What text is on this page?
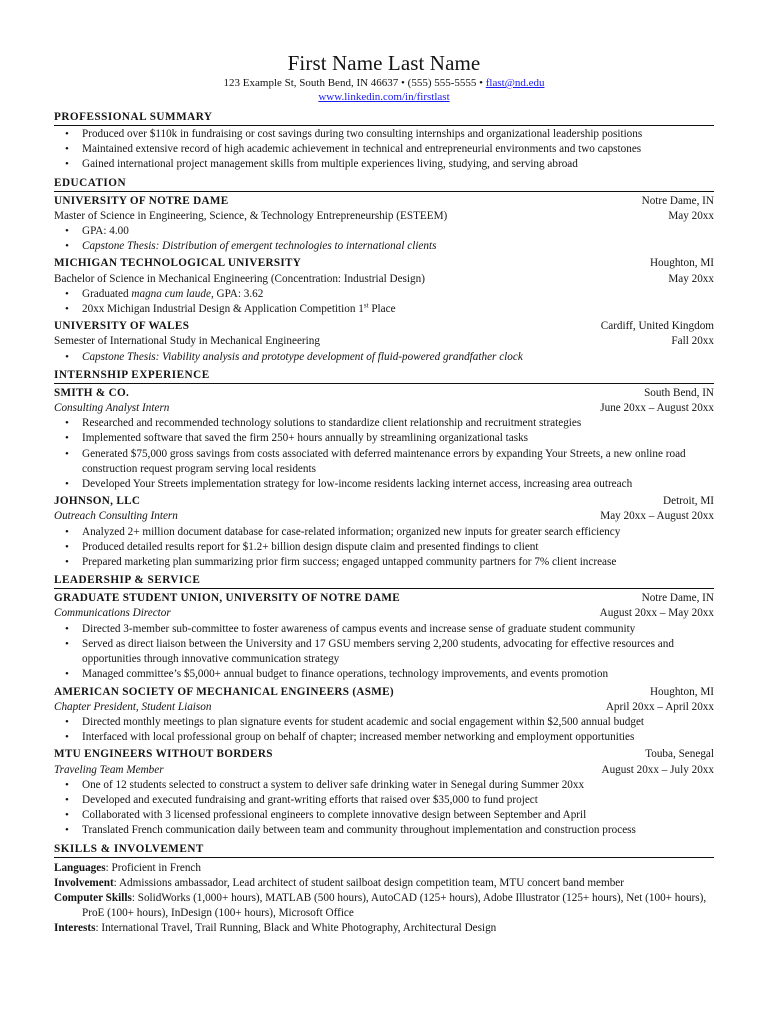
First Name Last Name
123 Example St, South Bend, IN 46637 • (555) 555-5555 • flast@nd.edu
www.linkedin.com/in/firstlast
PROFESSIONAL SUMMARY
• Produced over $110k in fundraising or cost savings during two consulting internships and organizational leadership positions
• Maintained extensive record of high academic achievement in technical and entrepreneurial environments and two capstones
• Gained international project management skills from multiple experiences living, studying, and serving abroad
EDUCATION
UNIVERSITY OF NOTRE DAME	Notre Dame, IN
Master of Science in Engineering, Science, & Technology Entrepreneurship (ESTEEM)	May 20xx
• GPA: 4.00
• Capstone Thesis: Distribution of emergent technologies to international clients
MICHIGAN TECHNOLOGICAL UNIVERSITY	Houghton, MI
Bachelor of Science in Mechanical Engineering (Concentration: Industrial Design)	May 20xx
• Graduated magna cum laude, GPA: 3.62
• 20xx Michigan Industrial Design & Application Competition 1st Place
UNIVERSITY OF WALES	Cardiff, United Kingdom
Semester of International Study in Mechanical Engineering	Fall 20xx
• Capstone Thesis: Viability analysis and prototype development of fluid-powered grandfather clock
INTERNSHIP EXPERIENCE
SMITH & CO.	South Bend, IN
Consulting Analyst Intern	June 20xx – August 20xx
• Researched and recommended technology solutions to standardize client relationship and recruitment strategies
• Implemented software that saved the firm 250+ hours annually by streamlining organizational tasks
• Generated $75,000 gross savings from costs associated with deferred maintenance errors by expanding Your Streets, a new online road construction request program serving local residents
• Developed Your Streets implementation strategy for low-income residents lacking internet access, increasing area outreach
JOHNSON, LLC	Detroit, MI
Outreach Consulting Intern	May 20xx – August 20xx
• Analyzed 2+ million document database for case-related information; organized new inputs for greater search efficiency
• Produced detailed results report for $1.2+ billion design dispute claim and presented findings to client
• Prepared marketing plan summarizing prior firm success; engaged untapped community partners for 7% client increase
LEADERSHIP & SERVICE
GRADUATE STUDENT UNION, UNIVERSITY OF NOTRE DAME	Notre Dame, IN
Communications Director	August 20xx – May 20xx
• Directed 3-member sub-committee to foster awareness of campus events and increase sense of graduate student community
• Served as direct liaison between the University and 17 GSU members serving 2,200 students, advocating for effective resources and opportunities through innovative communication strategy
• Managed committee’s $5,000+ annual budget to finance operations, technology improvements, and events promotion
AMERICAN SOCIETY OF MECHANICAL ENGINEERS (ASME)	Houghton, MI
Chapter President, Student Liaison	April 20xx – April 20xx
• Directed monthly meetings to plan signature events for student academic and social engagement within $2,500 annual budget
• Interfaced with local professional group on behalf of chapter; increased member networking and employment opportunities
MTU ENGINEERS WITHOUT BORDERS	Touba, Senegal
Traveling Team Member	August 20xx – July 20xx
• One of 12 students selected to construct a system to deliver safe drinking water in Senegal during Summer 20xx
• Developed and executed fundraising and grant-writing efforts that raised over $35,000 to fund project
• Collaborated with 3 licensed professional engineers to complete innovative design between September and April
• Translated French communication daily between team and community throughout implementation and construction process
SKILLS & INVOLVEMENT

Languages: Proficient in French

Involvement: Admissions ambassador, Lead architect of student sailboat design competition team, MTU concert band member

Computer Skills: SolidWorks (1,000+ hours), MATLAB (500 hours), AutoCAD (125+ hours), Adobe Illustrator (125+ hours), Net (100+ hours), ProE (100+ hours), InDesign (100+ hours), Microsoft Office

Interests: International Travel, Trail Running, Black and White Photography, Architectural Design
